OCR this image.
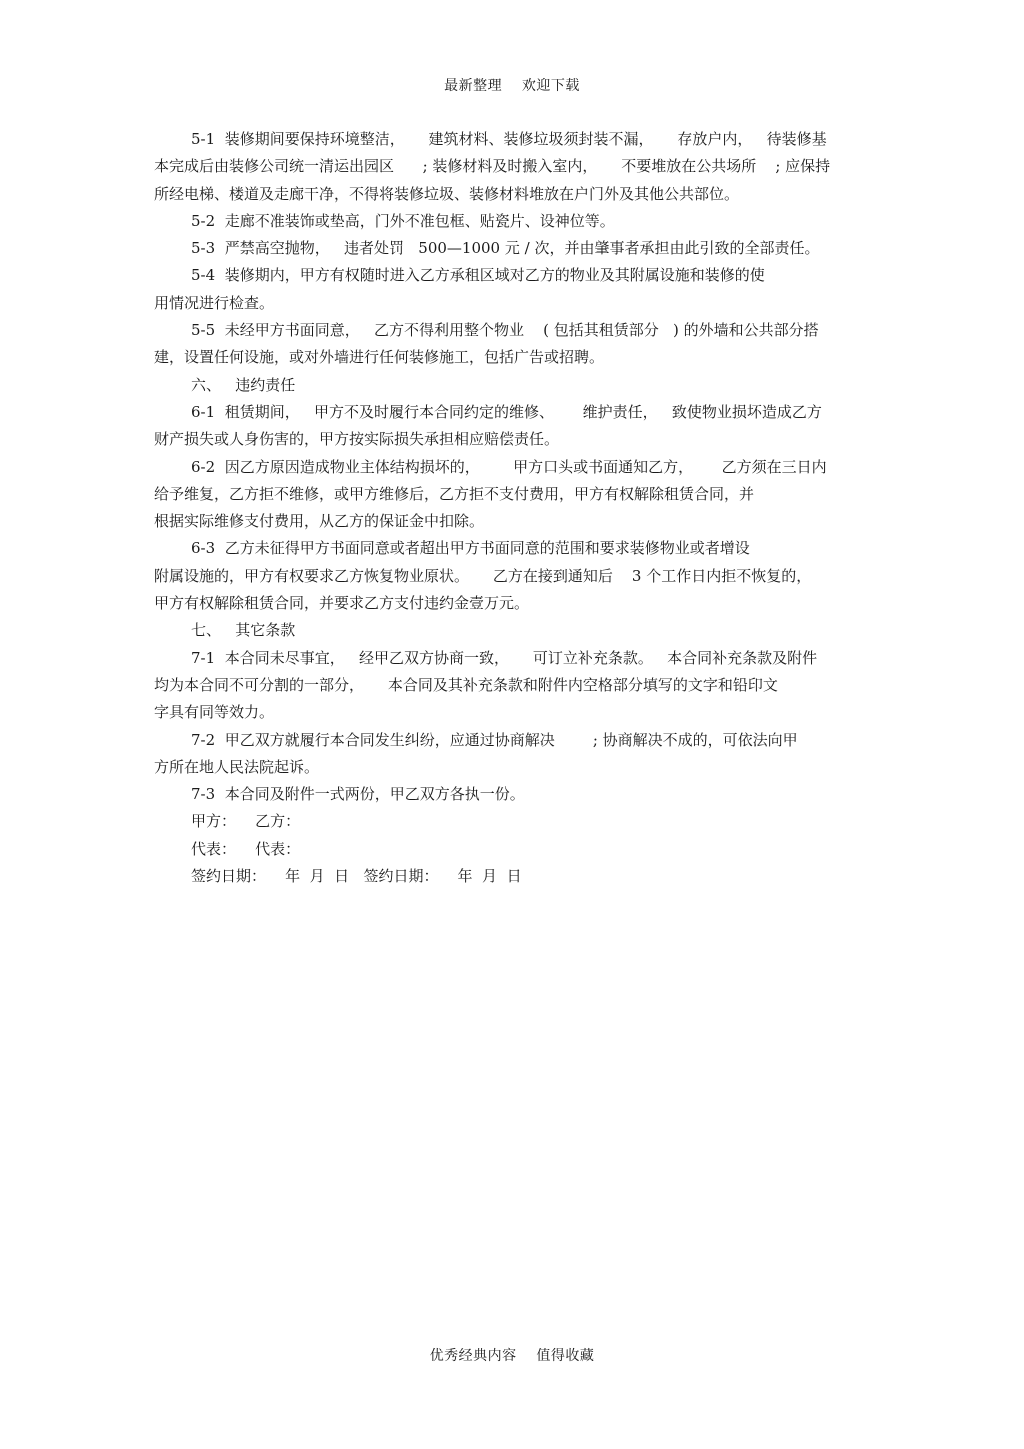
最新整理    欢迎下载
5-1  装修期间要保持环境整洁，     建筑材料、装修垃圾须封装不漏，     存放户内，   待装修基
本完成后由装修公司统一清运出园区      ; 装修材料及时搬入室内，     不要堆放在公共场所    ; 应保持
所经电梯、楼道及走廊干净，不得将装修垃圾、装修材料堆放在户门外及其他公共部位。
5-2  走廊不准装饰或垫高，门外不准包框、贴瓷片、设神位等。
5-3  严禁高空抛物，   违者处罚   500—1000 元 / 次，并由肇事者承担由此引致的全部责任。
5-4  装修期内，甲方有权随时进入乙方承租区域对乙方的物业及其附属设施和装修的使
用情况进行检查。
5-5  未经甲方书面同意，   乙方不得利用整个物业    ( 包括其租赁部分   ) 的外墙和公共部分搭
建，设置任何设施，或对外墙进行任何装修施工，包括广告或招聘。
六、   违约责任
6-1  租赁期间，   甲方不及时履行本合同约定的维修、      维护责任，   致使物业损坏造成乙方
财产损失或人身伤害的，甲方按实际损失承担相应赔偿责任。
6-2  因乙方原因造成物业主体结构损坏的，       甲方口头或书面通知乙方，      乙方须在三日内
给予维复，乙方拒不维修，或甲方维修后，乙方拒不支付费用，甲方有权解除租赁合同，并
根据实际维修支付费用，从乙方的保证金中扣除。
6-3  乙方未征得甲方书面同意或者超出甲方书面同意的范围和要求装修物业或者增设
附属设施的，甲方有权要求乙方恢复物业原状。     乙方在接到通知后    3 个工作日内拒不恢复的，
甲方有权解除租赁合同，并要求乙方支付违约金壹万元。
七、   其它条款
7-1  本合同未尽事宜，   经甲乙双方协商一致，     可订立补充条款。   本合同补充条款及附件
均为本合同不可分割的一部分，     本合同及其补充条款和附件内空格部分填写的文字和铅印文
字具有同等效力。
7-2  甲乙双方就履行本合同发生纠纷，应通过协商解决        ; 协商解决不成的，可依法向甲
方所在地人民法院起诉。
7-3  本合同及附件一式两份，甲乙双方各执一份。
甲方：    乙方：
代表：    代表：
签约日期：    年  月  日   签约日期：    年  月  日
优秀经典内容    值得收藏
